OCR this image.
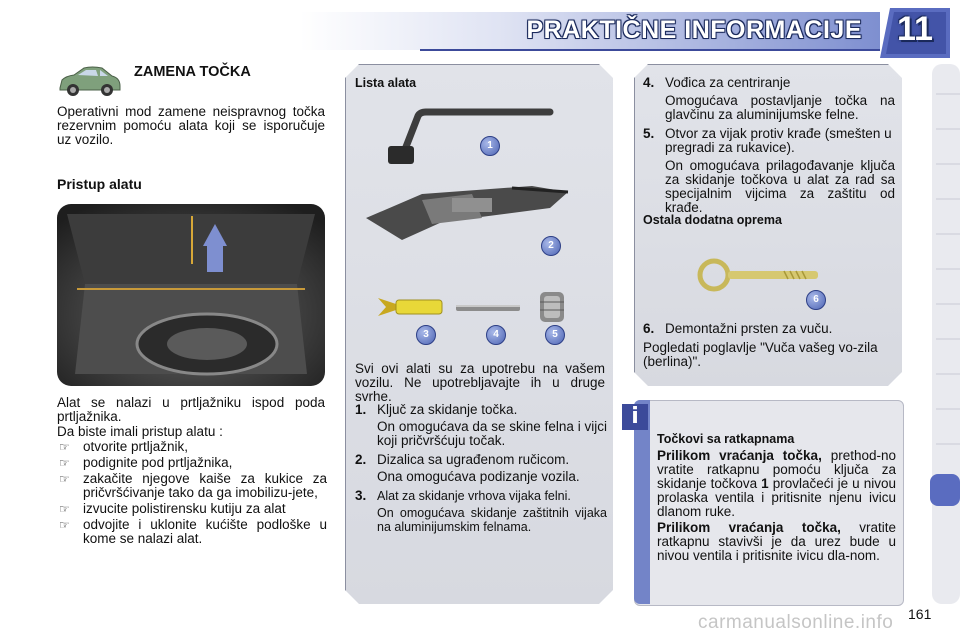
PRAKTIČNE INFORMACIJE	11
ZAMENA TOČKA

Operativni mod zamene neispravnog točka rezervnim pomoću alata koji se isporučuje uz vozilo.

Pristup alatu

Alat se nalazi u prtljažniku ispod poda prtljažnika.

Da biste imali pristup alatu :

☞ otvorite prtljažnik,
☞ podignite pod prtljažnika,
☞ zakačite njegove kaiše za kukice za pričvršćivanje tako da ga imobilizu-jete,
☞ izvucite polistirensku kutiju za alat
☞ odvojite i uklonite kućište podloške u kome se nalazi alat.
Lista alata
1
2
3	4	5

Svi ovi alati su za upotrebu na vašem vozilu. Ne upotrebljavajte ih u druge svrhe.

1. Ključ za skidanje točka.

On omogućava da se skine felna i vijci koji pričvršćuju točak.

2. Dizalica sa ugrađenom ručicom.

Ona omogućava podizanje vozila.

3. Alat za skidanje vrhova vijaka felni.

On omogućava skidanje zaštitnih vijaka na aluminijumskim felnama.

4. Vođica za centriranje

Omogućava postavljanje točka na glavčinu za aluminijumske felne.

5. Otvor za vijak protiv krađe (smešten u pregradi za rukavice).

On omogućava prilagođavanje ključa za skidanje točkova u alat za rad sa specijalnim vijcima za zaštitu od krađe.

Ostala dodatna oprema
6
6. Demontažni prsten za vuču.

Pogledati poglavlje "Vuča vašeg vo-zila (berlina)".

i
Točkovi sa ratkapnama

Prilikom vraćanja točka, prethod-no vratite ratkapnu pomoću ključa za skidanje točkova 1 provlačeći je u nivou prolaska ventila i pritisnite njenu ivicu dlanom ruke.

Prilikom vraćanja točka, vratite ratkapnu stavivši je da urez bude u nivou ventila i pritisnite ivicu dla-nom.

161
carmanualsonline.info
